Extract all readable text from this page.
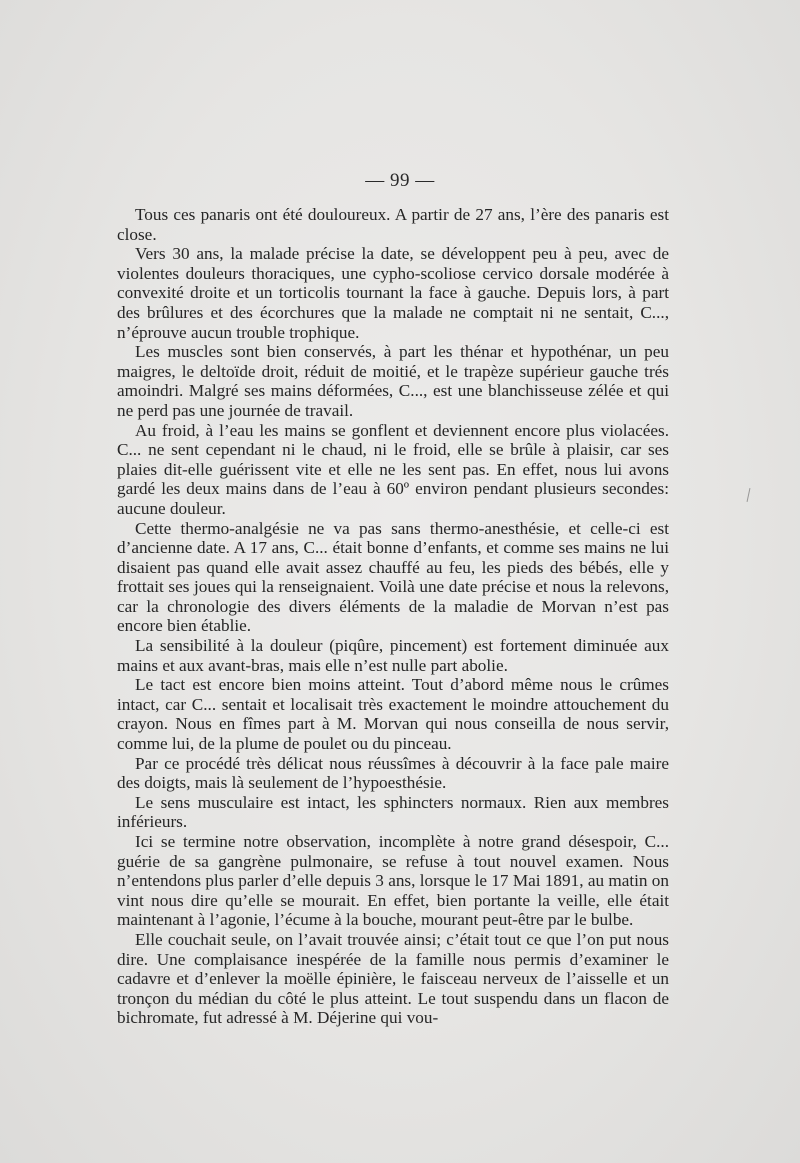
— 99 —

Tous ces panaris ont été douloureux. A partir de 27 ans, l’ère des panaris est close.

Vers 30 ans, la malade précise la date, se développent peu à peu, avec de violentes douleurs thoraciques, une cypho-scoliose cervico dorsale modérée à convexité droite et un torticolis tournant la face à gauche. Depuis lors, à part des brûlures et des écorchures que la malade ne comptait ni ne sentait, C..., n’éprouve aucun trouble trophique.

Les muscles sont bien conservés, à part les thénar et hypothénar, un peu maigres, le deltoïde droit, réduit de moitié, et le trapèze supérieur gauche trés amoindri. Malgré ses mains déformées, C..., est une blanchisseuse zélée et qui ne perd pas une journée de travail.

Au froid, à l’eau les mains se gonflent et deviennent encore plus violacées. C... ne sent cependant ni le chaud, ni le froid, elle se brûle à plaisir, car ses plaies dit-elle guérissent vite et elle ne les sent pas. En effet, nous lui avons gardé les deux mains dans de l’eau à 60º environ pendant plusieurs secondes: aucune douleur.

Cette thermo-analgésie ne va pas sans thermo-anesthésie, et celle-ci est d’ancienne date. A 17 ans, C... était bonne d’enfants, et comme ses mains ne lui disaient pas quand elle avait assez chauffé au feu, les pieds des bébés, elle y frottait ses joues qui la renseignaient. Voilà une date précise et nous la relevons, car la chronologie des divers éléments de la maladie de Morvan n’est pas encore bien établie.

La sensibilité à la douleur (piqûre, pincement) est fortement diminuée aux mains et aux avant-bras, mais elle n’est nulle part abolie.

Le tact est encore bien moins atteint. Tout d’abord même nous le crûmes intact, car C... sentait et localisait très exactement le moindre attouchement du crayon. Nous en fîmes part à M. Morvan qui nous conseilla de nous servir, comme lui, de la plume de poulet ou du pinceau.

Par ce procédé très délicat nous réussîmes à découvrir à la face pale maire des doigts, mais là seulement de l’hypoesthésie.

Le sens musculaire est intact, les sphincters normaux. Rien aux membres inférieurs.

Ici se termine notre observation, incomplète à notre grand désespoir, C... guérie de sa gangrène pulmonaire, se refuse à tout nouvel examen. Nous n’entendons plus parler d’elle depuis 3 ans, lorsque le 17 Mai 1891, au matin on vint nous dire qu’elle se mourait. En effet, bien portante la veille, elle était maintenant à l’agonie, l’écume à la bouche, mourant peut-être par le bulbe.

Elle couchait seule, on l’avait trouvée ainsi; c’était tout ce que l’on put nous dire. Une complaisance inespérée de la famille nous permis d’examiner le cadavre et d’enlever la moëlle épinière, le faisceau nerveux de l’aisselle et un tronçon du médian du côté le plus atteint. Le tout suspendu dans un flacon de bichromate, fut adressé à M. Déjerine qui vou-
